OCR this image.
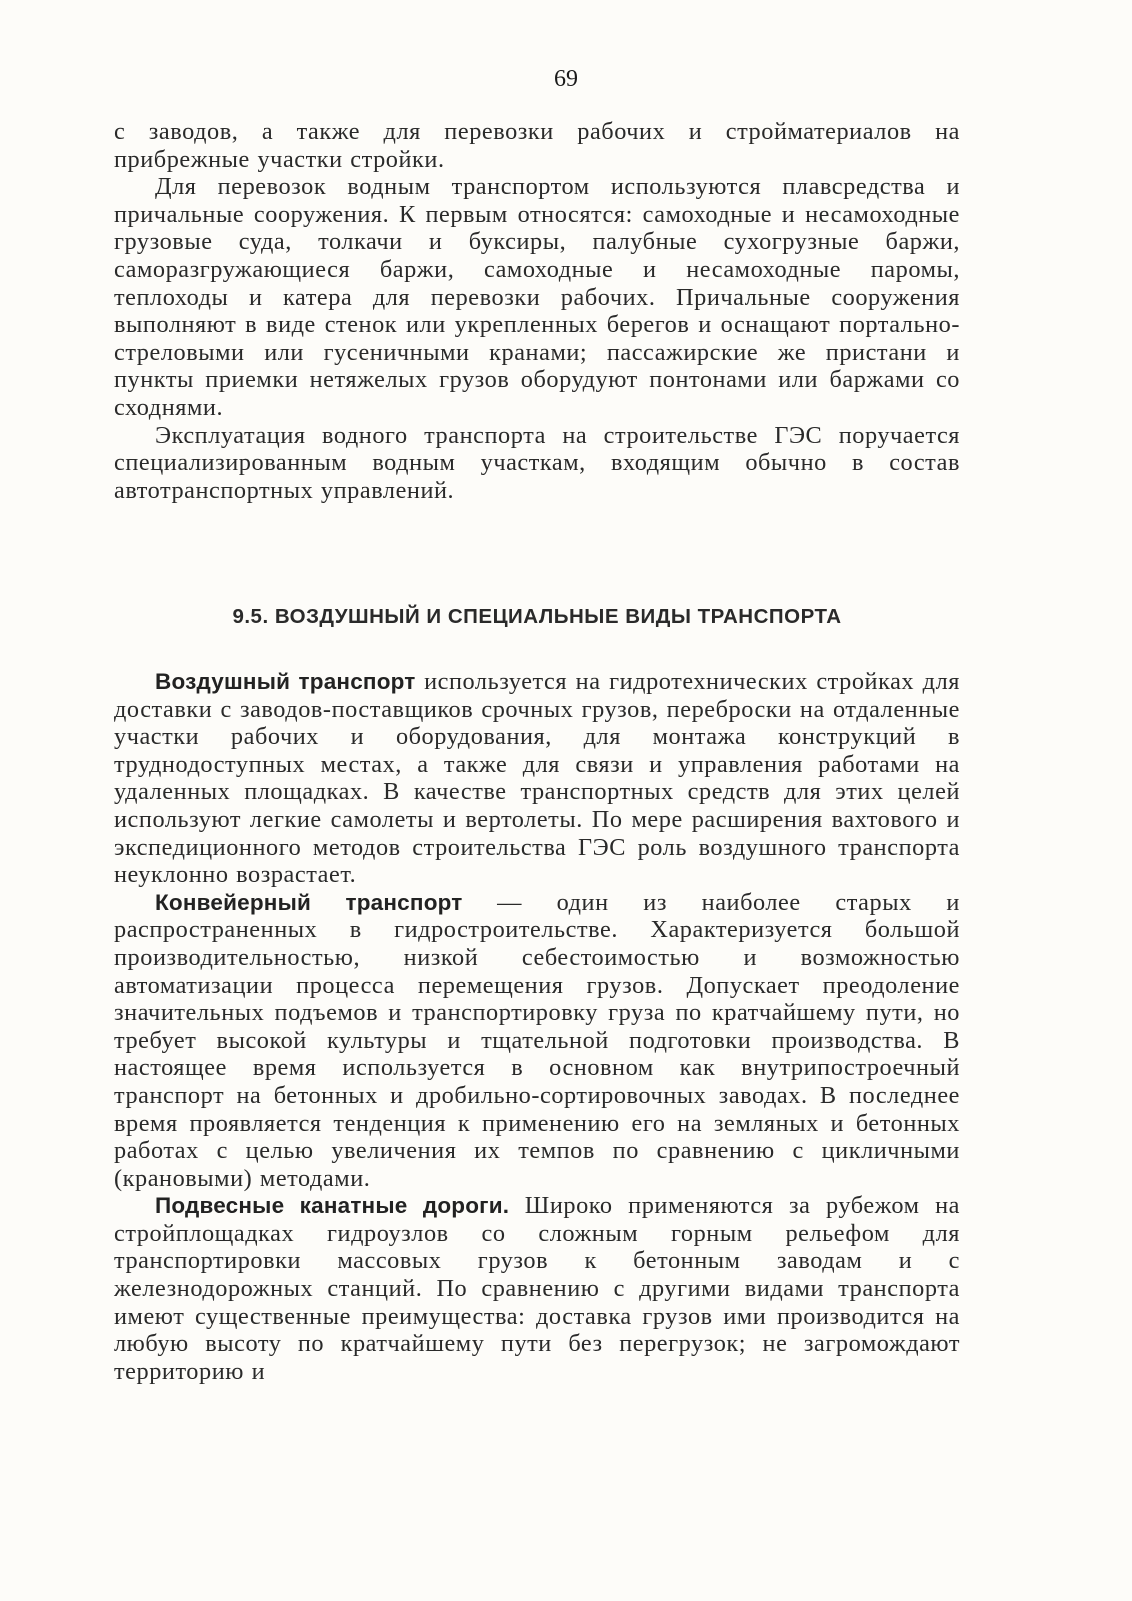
69

с заводов, а также для перевозки рабочих и стройматериалов на прибрежные участки стройки.

Для перевозок водным транспортом используются плавсредства и причальные сооружения. К первым относятся: самоходные и несамоходные грузовые суда, толкачи и буксиры, палубные сухогрузные баржи, саморазгружающиеся баржи, самоходные и несамоходные паромы, теплоходы и катера для перевозки рабочих. Причальные сооружения выполняют в виде стенок или укрепленных берегов и оснащают портально-стреловыми или гусеничными кранами; пассажирские же пристани и пункты приемки нетяжелых грузов оборудуют понтонами или баржами со сходнями.

Эксплуатация водного транспорта на строительстве ГЭС поручается специализированным водным участкам, входящим обычно в состав автотранспортных управлений.

9.5. ВОЗДУШНЫЙ И СПЕЦИАЛЬНЫЕ ВИДЫ ТРАНСПОРТА

Воздушный транспорт используется на гидротехнических стройках для доставки с заводов-поставщиков срочных грузов, переброски на отдаленные участки рабочих и оборудования, для монтажа конструкций в труднодоступных местах, а также для связи и управления работами на удаленных площадках. В качестве транспортных средств для этих целей используют легкие самолеты и вертолеты. По мере расширения вахтового и экспедиционного методов строительства ГЭС роль воздушного транспорта неуклонно возрастает.

Конвейерный транспорт — один из наиболее старых и распространенных в гидростроительстве. Характеризуется большой производительностью, низкой себестоимостью и возможностью автоматизации процесса перемещения грузов. Допускает преодоление значительных подъемов и транспортировку груза по кратчайшему пути, но требует высокой культуры и тщательной подготовки производства. В настоящее время используется в основном как внутрипостроечный транспорт на бетонных и дробильно-сортировочных заводах. В последнее время проявляется тенденция к применению его на земляных и бетонных работах с целью увеличения их темпов по сравнению с цикличными (крановыми) методами.

Подвесные канатные дороги. Широко применяются за рубежом на стройплощадках гидроузлов со сложным горным рельефом для транспортировки массовых грузов к бетонным заводам и с железнодорожных станций. По сравнению с другими видами транспорта имеют существенные преимущества: доставка грузов ими производится на любую высоту по кратчайшему пути без перегрузок; не загромождают территорию и
